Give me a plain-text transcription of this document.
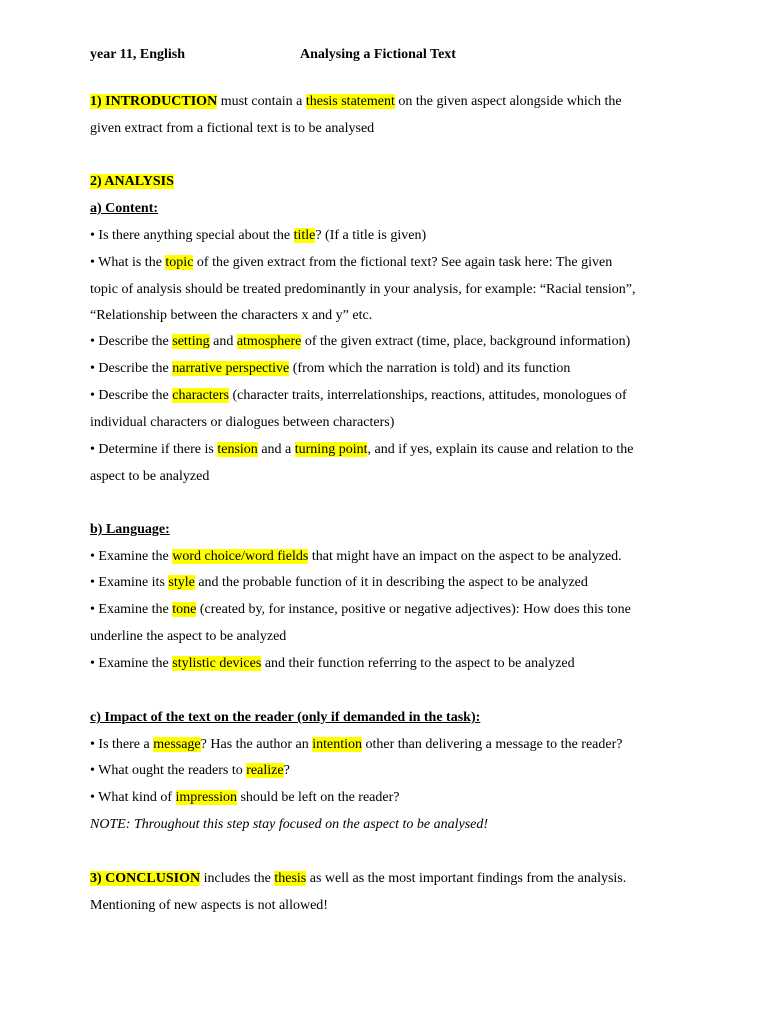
year 11, English	Analysing a Fictional Text
1) INTRODUCTION must contain a thesis statement on the given aspect alongside which the
given extract from a fictional text is to be analysed
2) ANALYSIS
a) Content:
• Is there anything special about the title? (If a title is given)
• What is the topic of the given extract from the fictional text? See again task here: The given
topic of analysis should be treated predominantly in your analysis, for example: “Racial tension”,
“Relationship between the characters x and y” etc.
• Describe the setting and atmosphere of the given extract (time, place, background information)
• Describe the narrative perspective (from which the narration is told) and its function
• Describe the characters (character traits, interrelationships, reactions, attitudes, monologues of
individual characters or dialogues between characters)
• Determine if there is tension and a turning point, and if yes, explain its cause and relation to the
aspect to be analyzed
b) Language:
• Examine the word choice/word fields that might have an impact on the aspect to be analyzed.
• Examine its style and the probable function of it in describing the aspect to be analyzed
• Examine the tone (created by, for instance, positive or negative adjectives): How does this tone
underline the aspect to be analyzed
• Examine the stylistic devices and their function referring to the aspect to be analyzed
c) Impact of the text on the reader (only if demanded in the task):
• Is there a message? Has the author an intention other than delivering a message to the reader?
• What ought the readers to realize?
• What kind of impression should be left on the reader?
NOTE: Throughout this step stay focused on the aspect to be analysed!
3) CONCLUSION includes the thesis as well as the most important findings from the analysis.
Mentioning of new aspects is not allowed!
